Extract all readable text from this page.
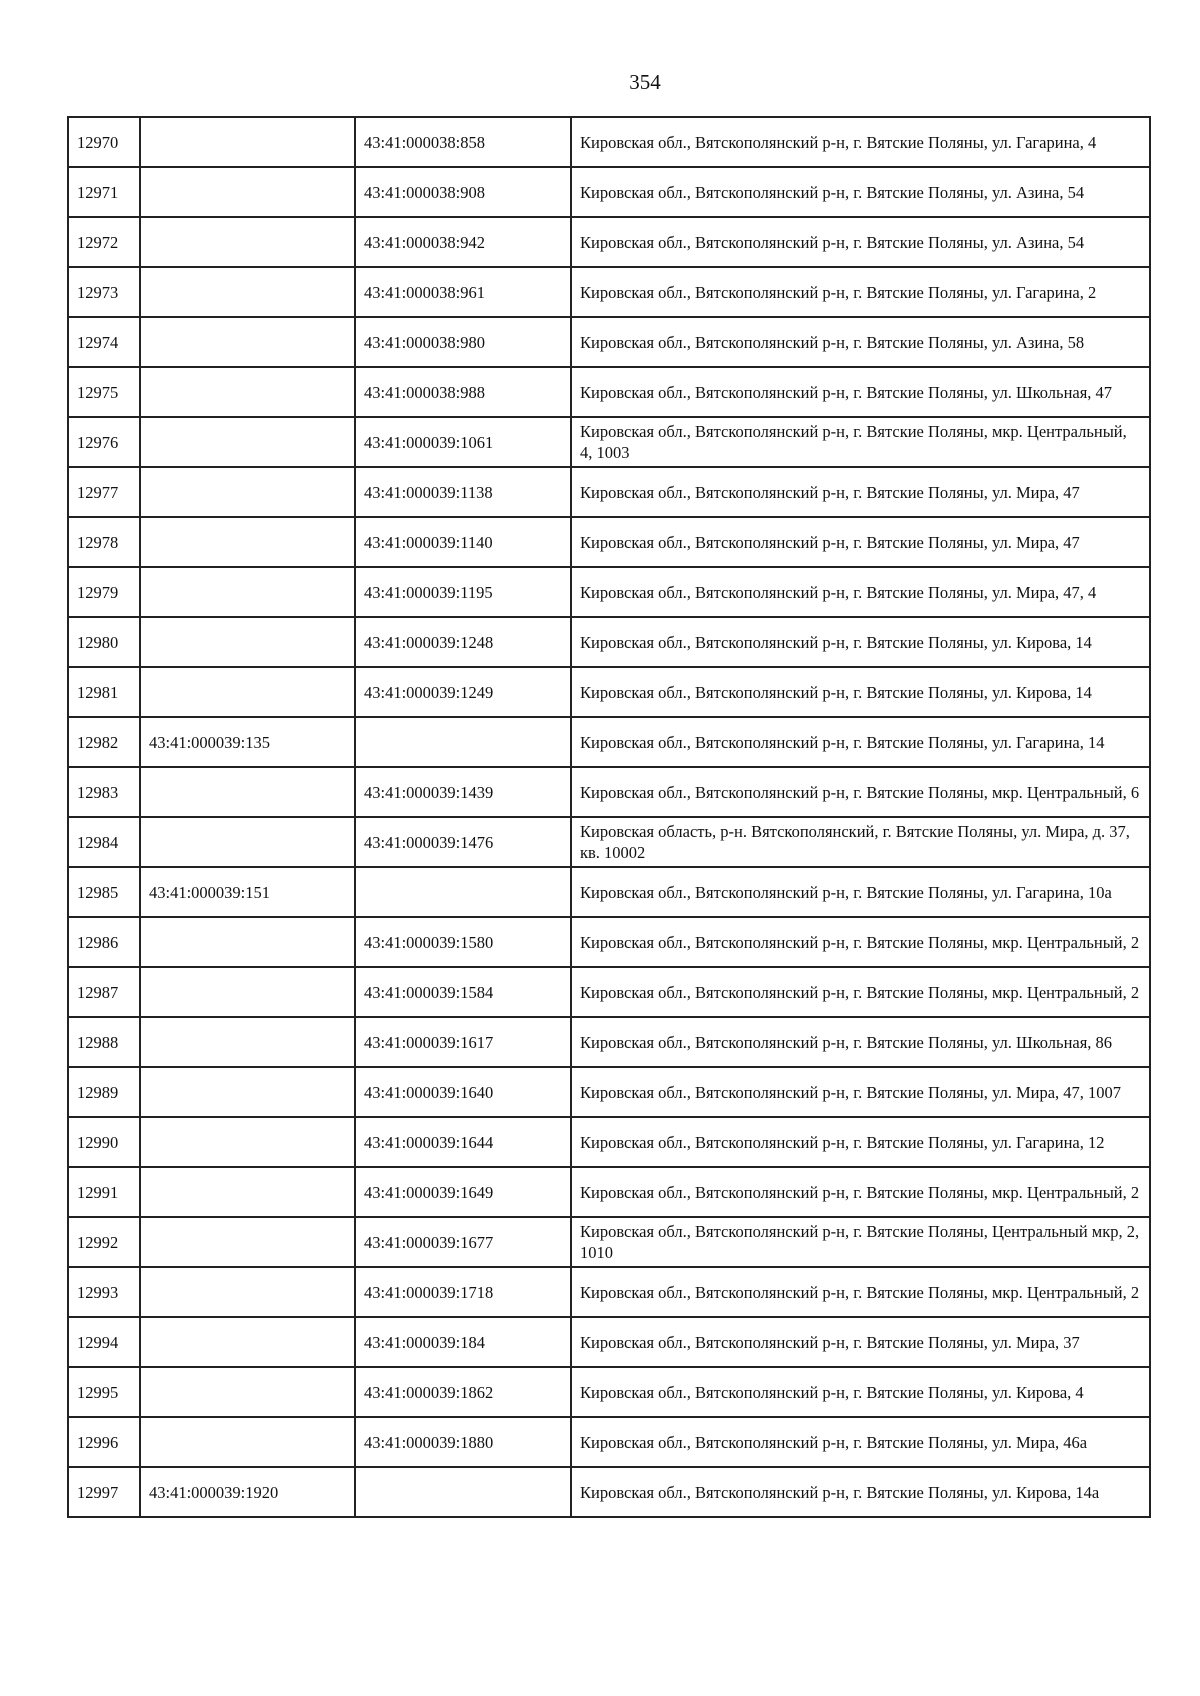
354
12970		43:41:000038:858	Кировская обл., Вятскополянский р-н, г. Вятские Поляны, ул. Гагарина, 4
12971		43:41:000038:908	Кировская обл., Вятскополянский р-н, г. Вятские Поляны, ул. Азина, 54
12972		43:41:000038:942	Кировская обл., Вятскополянский р-н, г. Вятские Поляны, ул. Азина, 54
12973		43:41:000038:961	Кировская обл., Вятскополянский р-н, г. Вятские Поляны, ул. Гагарина, 2
12974		43:41:000038:980	Кировская обл., Вятскополянский р-н, г. Вятские Поляны, ул. Азина, 58
12975		43:41:000038:988	Кировская обл., Вятскополянский р-н, г. Вятские Поляны, ул. Школьная, 47
12976		43:41:000039:1061	Кировская обл., Вятскополянский р-н, г. Вятские Поляны, мкр. Центральный, 4, 1003
12977		43:41:000039:1138	Кировская обл., Вятскополянский р-н, г. Вятские Поляны, ул. Мира, 47
12978		43:41:000039:1140	Кировская обл., Вятскополянский р-н, г. Вятские Поляны, ул. Мира, 47
12979		43:41:000039:1195	Кировская обл., Вятскополянский р-н, г. Вятские Поляны, ул. Мира, 47, 4
12980		43:41:000039:1248	Кировская обл., Вятскополянский р-н, г. Вятские Поляны, ул. Кирова, 14
12981		43:41:000039:1249	Кировская обл., Вятскополянский р-н, г. Вятские Поляны, ул. Кирова, 14
12982	43:41:000039:135		Кировская обл., Вятскополянский р-н, г. Вятские Поляны, ул. Гагарина, 14
12983		43:41:000039:1439	Кировская обл., Вятскополянский р-н, г. Вятские Поляны, мкр. Центральный, 6
12984		43:41:000039:1476	Кировская область, р-н. Вятскополянский, г. Вятские Поляны, ул. Мира, д. 37, кв. 10002
12985	43:41:000039:151		Кировская обл., Вятскополянский р-н, г. Вятские Поляны, ул. Гагарина, 10а
12986		43:41:000039:1580	Кировская обл., Вятскополянский р-н, г. Вятские Поляны, мкр. Центральный, 2
12987		43:41:000039:1584	Кировская обл., Вятскополянский р-н, г. Вятские Поляны, мкр. Центральный, 2
12988		43:41:000039:1617	Кировская обл., Вятскополянский р-н, г. Вятские Поляны, ул. Школьная, 86
12989		43:41:000039:1640	Кировская обл., Вятскополянский р-н, г. Вятские Поляны, ул. Мира, 47, 1007
12990		43:41:000039:1644	Кировская обл., Вятскополянский р-н, г. Вятские Поляны, ул. Гагарина, 12
12991		43:41:000039:1649	Кировская обл., Вятскополянский р-н, г. Вятские Поляны, мкр. Центральный, 2
12992		43:41:000039:1677	Кировская обл., Вятскополянский р-н, г. Вятские Поляны, Центральный мкр, 2, 1010
12993		43:41:000039:1718	Кировская обл., Вятскополянский р-н, г. Вятские Поляны, мкр. Центральный, 2
12994		43:41:000039:184	Кировская обл., Вятскополянский р-н, г. Вятские Поляны, ул. Мира, 37
12995		43:41:000039:1862	Кировская обл., Вятскополянский р-н, г. Вятские Поляны, ул. Кирова, 4
12996		43:41:000039:1880	Кировская обл., Вятскополянский р-н, г. Вятские Поляны, ул. Мира, 46а
12997	43:41:000039:1920		Кировская обл., Вятскополянский р-н, г. Вятские Поляны, ул. Кирова, 14а
